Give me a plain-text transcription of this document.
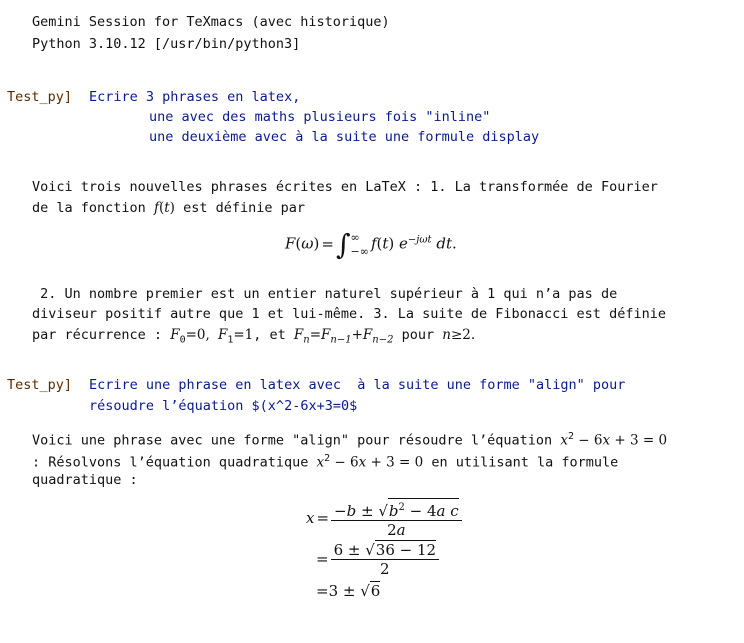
Gemini Session for TeXmacs (avec historique)
Python 3.10.12 [/usr/bin/python3]
Test_py] Ecrire 3 phrases en latex,
une avec des maths plusieurs fois "inline"
une deuxième avec à la suite une formule display
Voici trois nouvelles phrases écrites en LaTeX : 1. La transformée de Fourier
de la fonction f(t) est définie par
F(ω) =∫ ∞
−∞ f(t) $e^{-j\omega t}$ dt.
2. Un nombre premier est un entier naturel supérieur à 1 qui n’a pas de
diviseur positif autre que 1 et lui-même. 3. La suite de Fibonacci est définie
par récurrence : $F_0=0$, $F_1=1$, et $F_n=F_{n-1}+F_{n-2}$ pour n≥2.
Test_py] Ecrire une phrase en latex avec  à la suite une forme "align" pour
résoudre l’équation $(x^2-6x+3=0$
Voici une phrase avec une forme "align" pour résoudre l’équation $x^2 - 6x + 3 = 0$
: Résolvons l’équation quadratique $x^2 - 6x + 3 = 0$ en utilisant la formule
quadratique :
$x = \frac{-b \pm √b^2 - 4a c}{2a}$
= $\frac{6 \pm √36 - 12}{2}$
=3 ± √6
